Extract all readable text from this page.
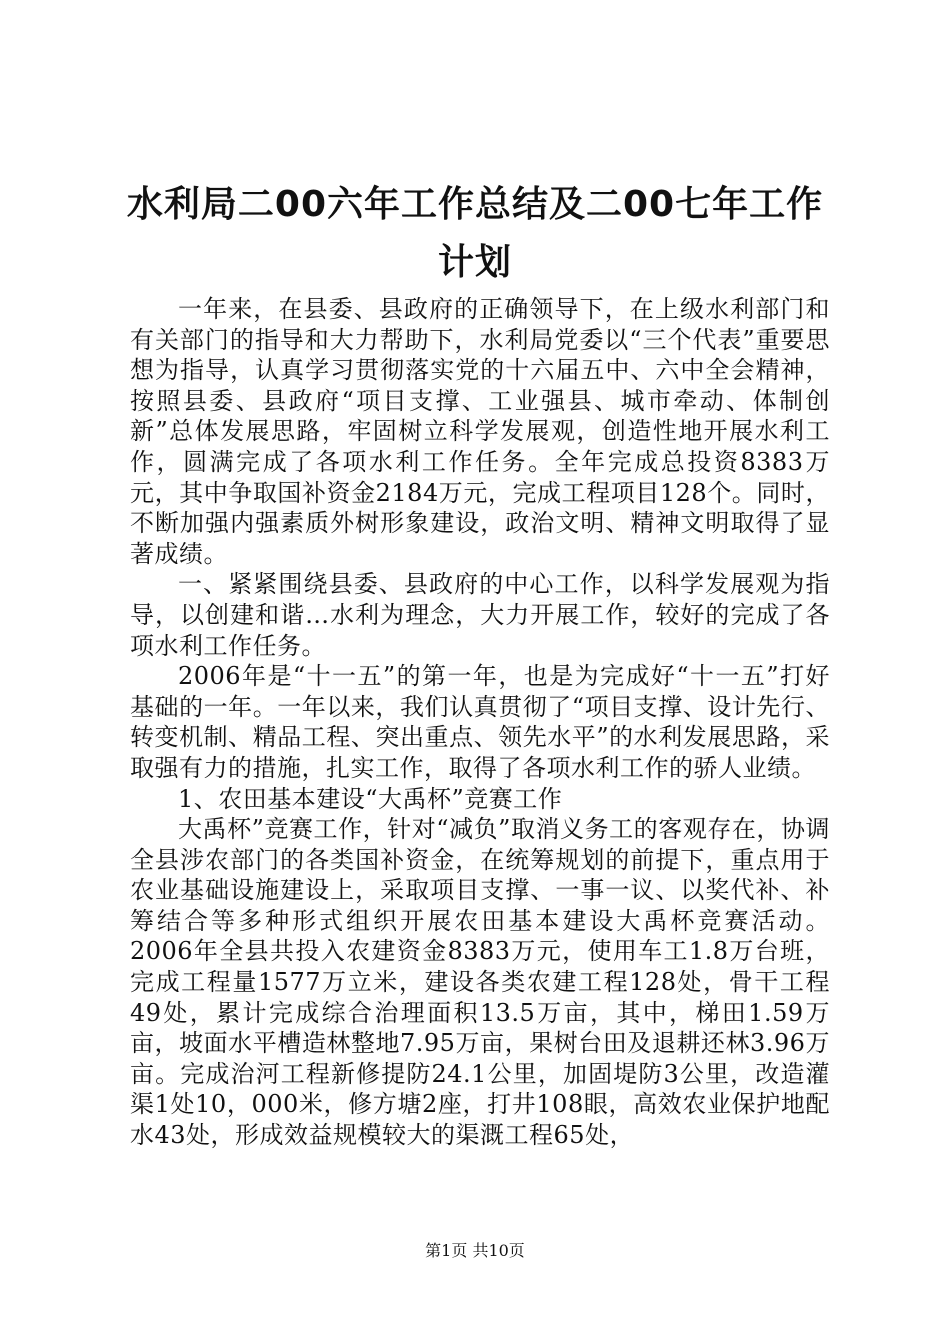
水利局二00六年工作总结及二00七年工作计划

一年来，在县委、县政府的正确领导下，在上级水利部门和有关部门的指导和大力帮助下，水利局党委以“三个代表”重要思想为指导，认真学习贯彻落实党的十六届五中、六中全会精神，按照县委、县政府“项目支撑、工业强县、城市牵动、体制创新”总体发展思路，牢固树立科学发展观，创造性地开展水利工作，圆满完成了各项水利工作任务。全年完成总投资8383万元，其中争取国补资金2184万元，完成工程项目128个。同时，不断加强内强素质外树形象建设，政治文明、精神文明取得了显著成绩。

一、紧紧围绕县委、县政府的中心工作，以科学发展观为指导，以创建和谐…水利为理念，大力开展工作，较好的完成了各项水利工作任务。

2006年是“十一五”的第一年，也是为完成好“十一五”打好基础的一年。一年以来，我们认真贯彻了“项目支撑、设计先行、转变机制、精品工程、突出重点、领先水平”的水利发展思路，采取强有力的措施，扎实工作，取得了各项水利工作的骄人业绩。

1、农田基本建设“大禹杯”竞赛工作

大禹杯”竞赛工作，针对“减负”取消义务工的客观存在，协调全县涉农部门的各类国补资金，在统筹规划的前提下，重点用于农业基础设施建设上，采取项目支撑、一事一议、以奖代补、补筹结合等多种形式组织开展农田基本建设大禹杯竞赛活动。2006年全县共投入农建资金8383万元，使用车工1.8万台班，完成工程量1577万立米，建设各类农建工程128处，骨干工程49处，累计完成综合治理面积13.5万亩，其中，梯田1.59万亩，坡面水平槽造林整地7.95万亩，果树台田及退耕还林3.96万亩。完成治河工程新修提防24.1公里，加固堤防3公里，改造灌渠1处10，000米，修方塘2座，打井108眼，高效农业保护地配水43处，形成效益规模较大的渠溉工程65处，

第1页 共10页
